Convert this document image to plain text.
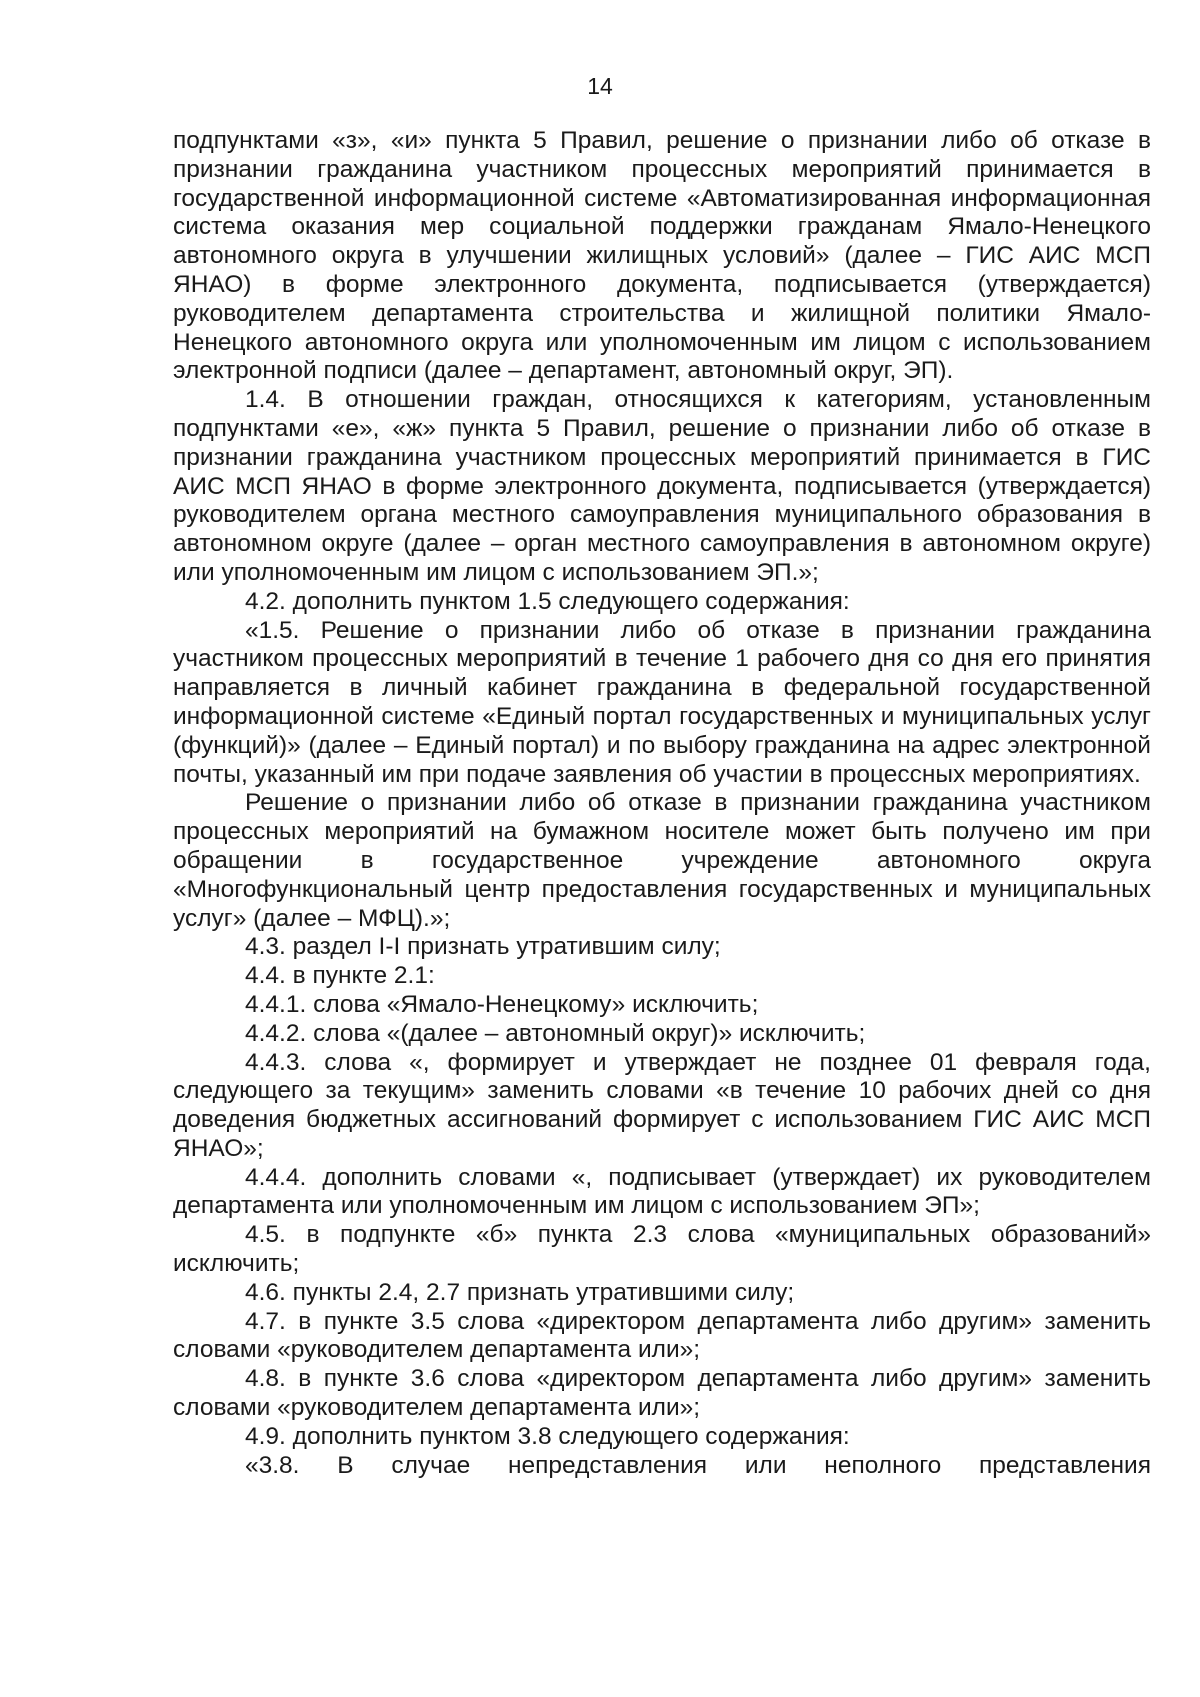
14

подпунктами «з», «и» пункта 5 Правил, решение о признании либо об отказе в признании гражданина участником процессных мероприятий принимается в государственной информационной системе «Автоматизированная информационная система оказания мер социальной поддержки гражданам Ямало-Ненецкого автономного округа в улучшении жилищных условий» (далее – ГИС АИС МСП ЯНАО) в форме электронного документа, подписывается (утверждается) руководителем департамента строительства и жилищной политики Ямало-Ненецкого автономного округа или уполномоченным им лицом с использованием электронной подписи (далее – департамент, автономный округ, ЭП).

1.4. В отношении граждан, относящихся к категориям, установленным подпунктами «е», «ж» пункта 5 Правил, решение о признании либо об отказе в признании гражданина участником процессных мероприятий принимается в ГИС АИС МСП ЯНАО в форме электронного документа, подписывается (утверждается) руководителем органа местного самоуправления муниципального образования в автономном округе (далее – орган местного самоуправления в автономном округе) или уполномоченным им лицом с использованием ЭП.»;

4.2. дополнить пунктом 1.5 следующего содержания:

«1.5. Решение о признании либо об отказе в признании гражданина участником процессных мероприятий в течение 1 рабочего дня со дня его принятия направляется в личный кабинет гражданина в федеральной государственной информационной системе «Единый портал государственных и муниципальных услуг (функций)» (далее – Единый портал) и по выбору гражданина на адрес электронной почты, указанный им при подаче заявления об участии в процессных мероприятиях.

Решение о признании либо об отказе в признании гражданина участником процессных мероприятий на бумажном носителе может быть получено им при обращении в государственное учреждение автономного округа «Многофункциональный центр предоставления государственных и муниципальных услуг» (далее – МФЦ).»;

4.3. раздел I-I признать утратившим силу;

4.4. в пункте 2.1:

4.4.1. слова «Ямало-Ненецкому» исключить;

4.4.2. слова «(далее – автономный округ)» исключить;

4.4.3. слова «, формирует и утверждает не позднее 01 февраля года, следующего за текущим» заменить словами «в течение 10 рабочих дней со дня доведения бюджетных ассигнований формирует с использованием ГИС АИС МСП ЯНАО»;

4.4.4. дополнить словами «, подписывает (утверждает) их руководителем департамента или уполномоченным им лицом с использованием ЭП»;

4.5. в подпункте «б» пункта 2.3 слова «муниципальных образований» исключить;

4.6. пункты 2.4, 2.7 признать утратившими силу;

4.7. в пункте 3.5 слова «директором департамента либо другим» заменить словами «руководителем департамента или»;

4.8. в пункте 3.6 слова «директором департамента либо другим» заменить словами «руководителем департамента или»;

4.9. дополнить пунктом 3.8 следующего содержания:

«3.8. В случае непредставления или неполного представления
